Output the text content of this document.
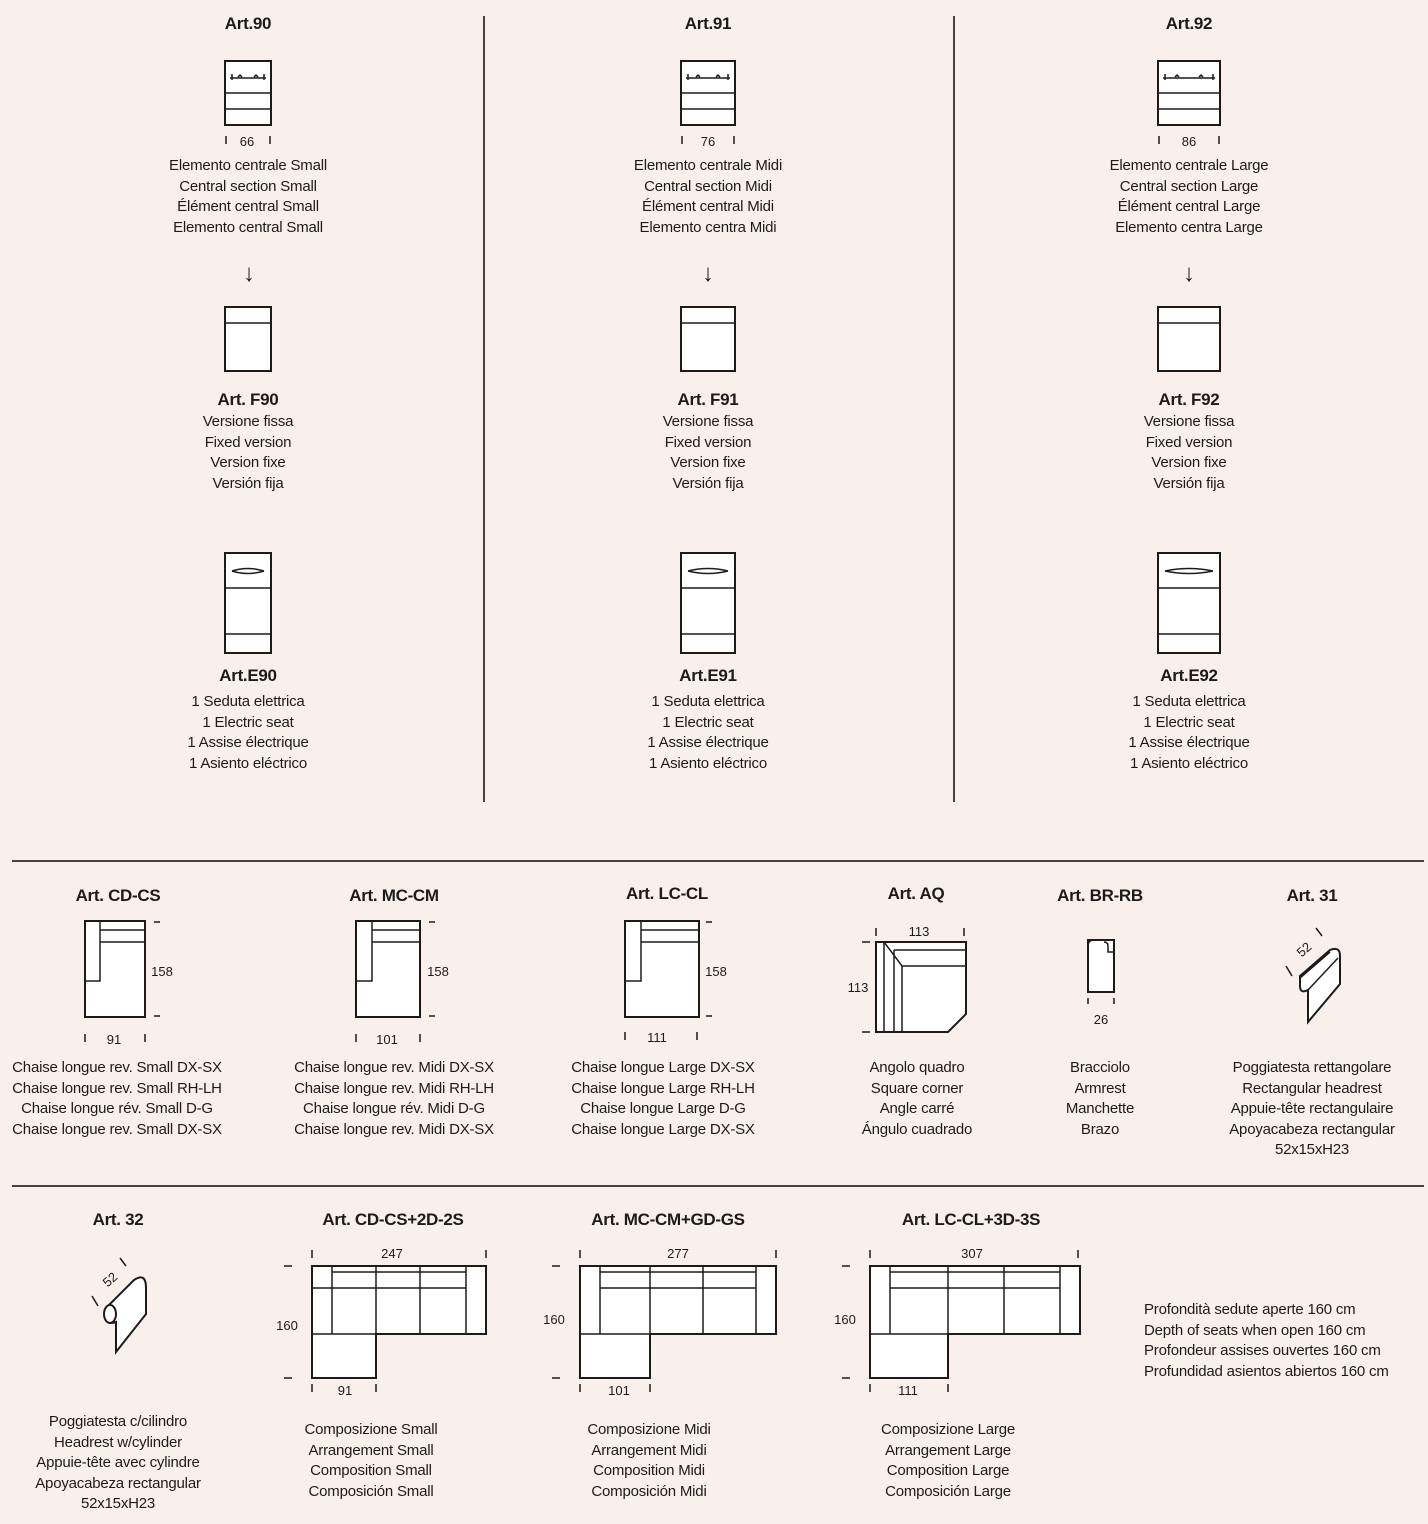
Art.90
66
Elemento centrale Small
Central section Small
Élément central Small
Elemento central Small
↓
Art. F90
Versione fissa
Fixed version
Version fixe
Versión fija
Art.E90
1 Seduta elettrica
1 Electric seat
1 Assise électrique
1 Asiento eléctrico
Art.91
76
Elemento centrale Midi
Central section Midi
Élément central Midi
Elemento centra Midi
↓
Art. F91
Versione fissa
Fixed version
Version fixe
Versión fija
Art.E91
1 Seduta elettrica
1 Electric seat
1 Assise électrique
1 Asiento eléctrico
Art.92
86
Elemento centrale Large
Central section Large
Élément central Large
Elemento centra Large
↓
Art. F92
Versione fissa
Fixed version
Version fixe
Versión fija
Art.E92
1 Seduta elettrica
1 Electric seat
1 Assise électrique
1 Asiento eléctrico
Art. CD-CS
158
91
Chaise longue rev. Small DX-SX
Chaise longue rev. Small RH-LH
Chaise longue rév. Small D-G
Chaise longue rev. Small DX-SX
Art. MC-CM
158
101
Chaise longue rev. Midi DX-SX
Chaise longue rev. Midi RH-LH
Chaise longue rév. Midi D-G
Chaise longue rev. Midi DX-SX
Art. LC-CL
158
111
Chaise longue Large DX-SX
Chaise longue Large RH-LH
Chaise longue Large D-G
Chaise longue Large DX-SX
Art. AQ
113
113
Angolo quadro
Square corner
Angle carré
Ángulo cuadrado
Art. BR-RB
26
Bracciolo
Armrest
Manchette
Brazo
Art. 31
52
Poggiatesta rettangolare
Rectangular headrest
Appuie-tête rectangulaire
Apoyacabeza rectangular
52x15xH23
Art. 32
52
Poggiatesta c/cilindro
Headrest w/cylinder
Appuie-tête avec cylindre
Apoyacabeza rectangular
52x15xH23
Art. CD-CS+2D-2S
247
160
91
Composizione Small
Arrangement Small
Composition Small
Composición Small
Art. MC-CM+GD-GS
277
160
101
Composizione Midi
Arrangement Midi
Composition Midi
Composición Midi
Art. LC-CL+3D-3S
307
160
111
Composizione Large
Arrangement Large
Composition Large
Composición Large
Profondità sedute aperte 160 cm
Depth of seats when open 160 cm
Profondeur assises ouvertes 160 cm
Profundidad asientos abiertos 160 cm
